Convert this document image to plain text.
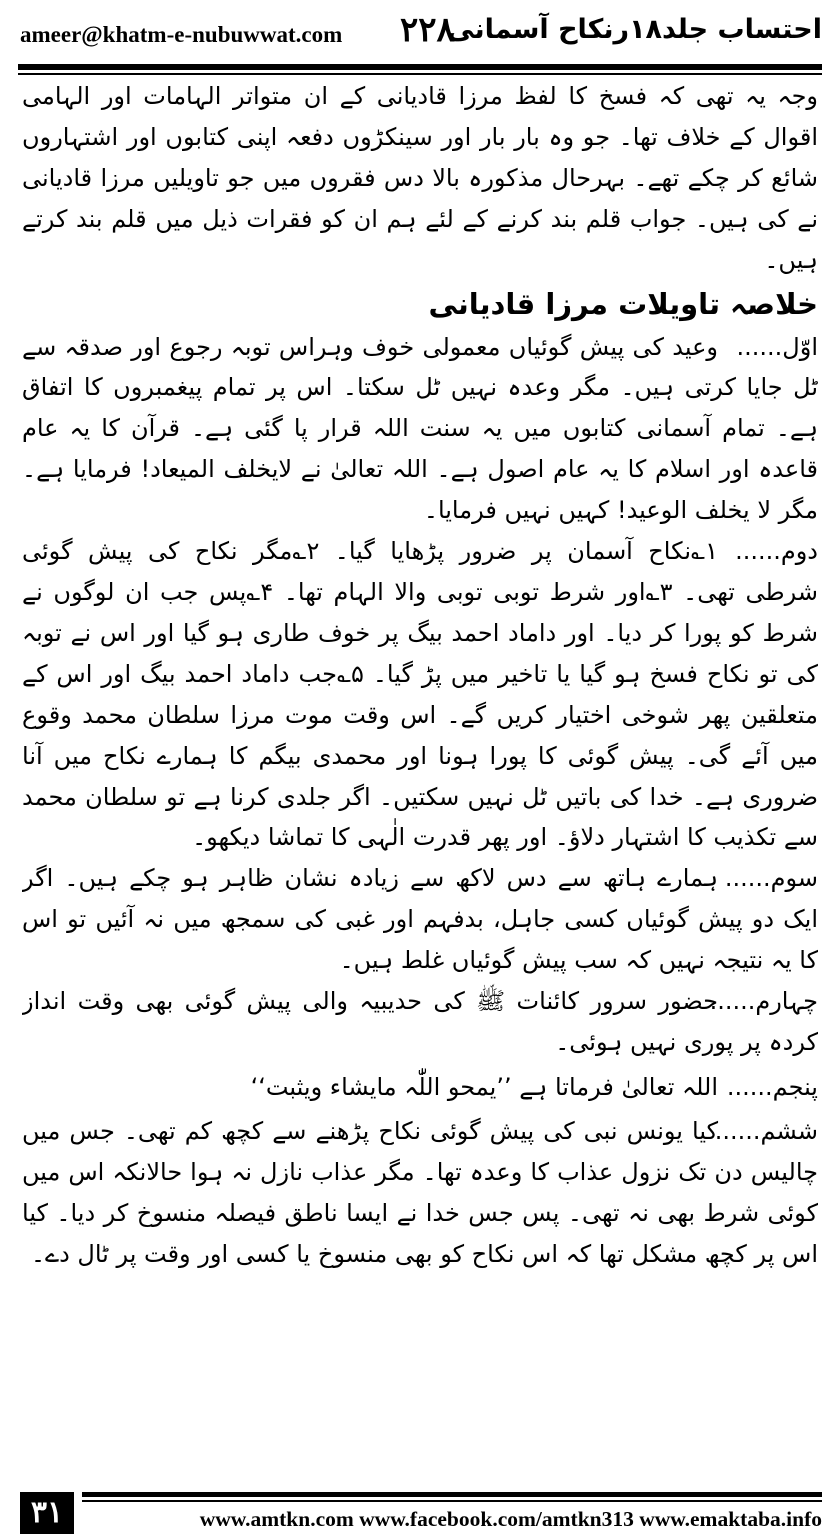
ameer@khatm-e-nubuwwat.com ۲۲۸
احتساب جلد۱۸رنکاح آسمانی

وجہ یہ تھی کہ فسخ کا لفظ مرزا قادیانی کے ان متواتر الہامات اور الہامی اقوال کے خلاف تھا۔ جو وہ بار بار اور سینکڑوں دفعہ اپنی کتابوں اور اشتہاروں شائع کر چکے تھے۔ بہرحال مذکورہ بالا دس فقروں میں جو تاویلیں مرزا قادیانی نے کی ہیں۔ جواب قلم بند کرنے کے لئے ہم ان کو فقرات ذیل میں قلم بند کرتے ہیں۔

خلاصہ تاویلات مرزا قادیانی

اوّل......وعید کی پیش گوئیاں معمولی خوف وہراس توبہ رجوع اور صدقہ سے ٹل جایا کرتی ہیں۔ مگر وعدہ نہیں ٹل سکتا۔ اس پر تمام پیغمبروں کا اتفاق ہے۔ تمام آسمانی کتابوں میں یہ سنت اللہ قرار پا گئی ہے۔ قرآن کا یہ عام قاعدہ اور اسلام کا یہ عام اصول ہے۔ اللہ تعالیٰ نے لایخلف المیعاد! فرمایا ہے۔ مگر لا یخلف الوعید! کہیں نہیں فرمایا۔

دوم......۱؎نکاح آسمان پر ضرور پڑھایا گیا۔ ۲؎مگر نکاح کی پیش گوئی شرطی تھی۔ ۳؎اور شرط توبی توبی والا الہام تھا۔ ۴؎پس جب ان لوگوں نے شرط کو پورا کر دیا۔ اور داماد احمد بیگ پر خوف طاری ہو گیا اور اس نے توبہ کی تو نکاح فسخ ہو گیا یا تاخیر میں پڑ گیا۔ ۵؎جب داماد احمد بیگ اور اس کے متعلقین پھر شوخی اختیار کریں گے۔ اس وقت موت مرزا سلطان محمد وقوع میں آئے گی۔ پیش گوئی کا پورا ہونا اور محمدی بیگم کا ہمارے نکاح میں آنا ضروری ہے۔ خدا کی باتیں ٹل نہیں سکتیں۔ اگر جلدی کرنا ہے تو سلطان محمد سے تکذیب کا اشتہار دلاؤ۔ اور پھر قدرت الٰہی کا تماشا دیکھو۔

سوم......ہمارے ہاتھ سے دس لاکھ سے زیادہ نشان ظاہر ہو چکے ہیں۔ اگر ایک دو پیش گوئیاں کسی جاہل، بدفہم اور غبی کی سمجھ میں نہ آئیں تو اس کا یہ نتیجہ نہیں کہ سب پیش گوئیاں غلط ہیں۔

چہارم......حضور سرور کائنات ﷺ کی حدیبیہ والی پیش گوئی بھی وقت انداز کردہ پر پوری نہیں ہوئی۔

پنجم......اللہ تعالیٰ فرماتا ہے ’’یمحو اللّٰہ مایشاء ویثبت‘‘

ششم......کیا یونس نبی کی پیش گوئی نکاح پڑھنے سے کچھ کم تھی۔ جس میں چالیس دن تک نزول عذاب کا وعدہ تھا۔ مگر عذاب نازل نہ ہوا حالانکہ اس میں کوئی شرط بھی نہ تھی۔ پس جس خدا نے ایسا ناطق فیصلہ منسوخ کر دیا۔ کیا اس پر کچھ مشکل تھا کہ اس نکاح کو بھی منسوخ یا کسی اور وقت پر ٹال دے۔

۳۱	www.amtkn.com www.facebook.com/amtkn313 www.emaktaba.info
